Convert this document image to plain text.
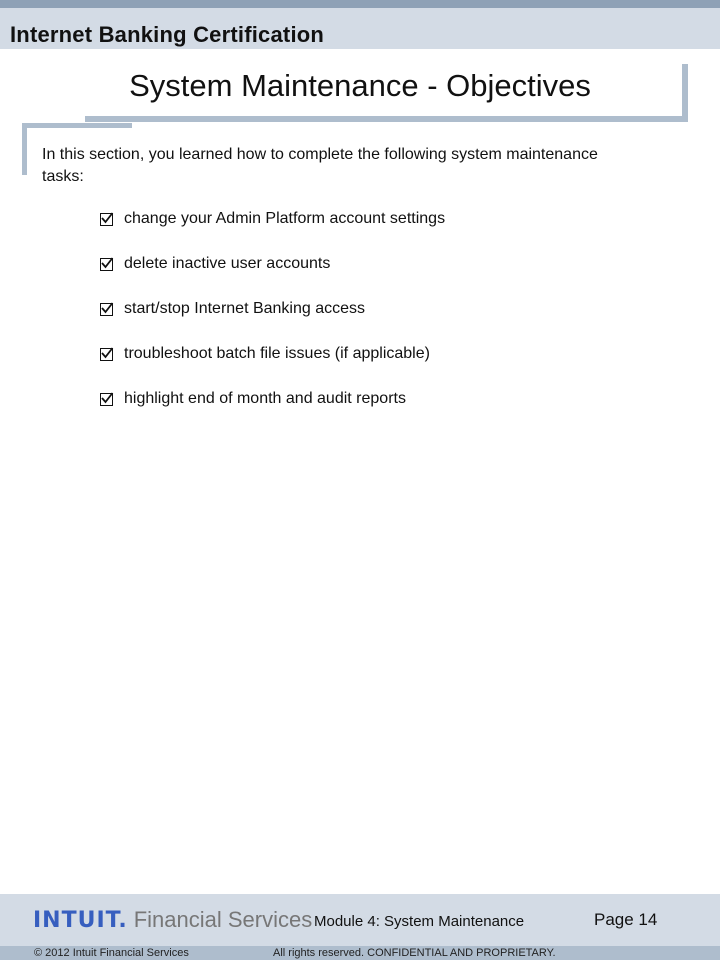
Internet Banking Certification
System Maintenance - Objectives
In this section, you learned how to complete the following system maintenance tasks:
change your Admin Platform account settings
delete inactive user accounts
start/stop Internet Banking access
troubleshoot batch file issues (if applicable)
highlight end of month and audit reports
INTUIT. Financial Services Module 4: System Maintenance	Page 14
© 2012 Intuit Financial Services	All rights reserved. CONFIDENTIAL AND PROPRIETARY.
